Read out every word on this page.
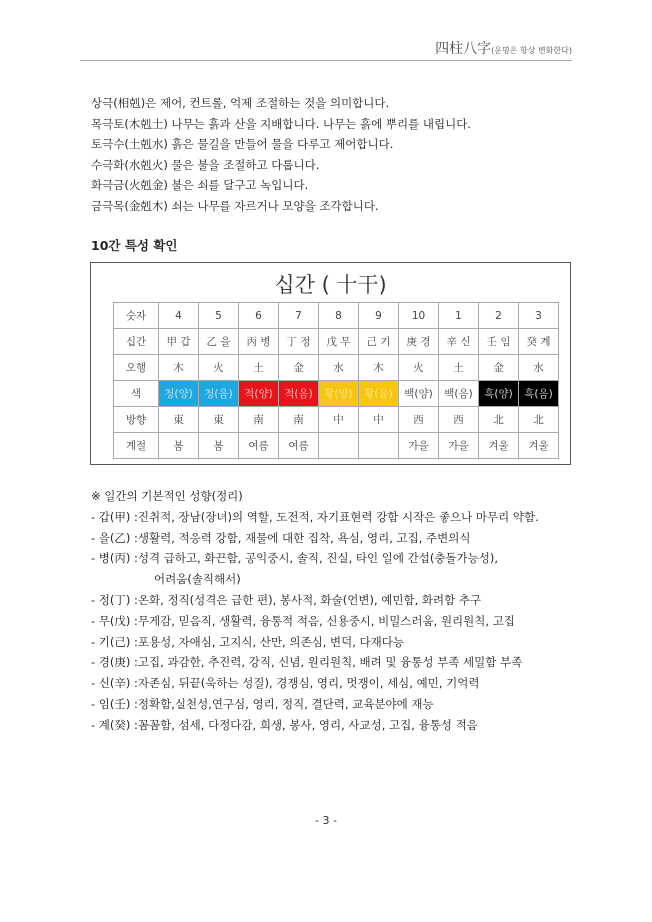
四柱八字(운명은 항상 변화한다)
상극(相剋)은 제어, 컨트롤, 억제 조절하는 것을 의미합니다.
목극토(木剋土) 나무는 흙과 산을 지배합니다. 나무는 흙에 뿌리를 내립니다.
토극수(土剋水) 흙은 물길을 만들어 물을 다루고 제어합니다.
수극화(水剋火) 물은 불을 조절하고 다룹니다.
화극금(火剋金) 불은 쇠를 달구고 녹입니다.
금극목(金剋木) 쇠는 나무를 자르거나 모양을 조각합니다.
10간 특성 확인
십간 ( 十干)
숫자	4	5	6	7	8	9	10	1	2	3
십간	甲 갑	乙 을	丙 병	丁 정	戊 무	己 기	庚 경	辛 신	壬 임	癸 계
오행	木	火	土	金	水	木	火	土	金	水
색	청(양)	청(음)	적(양)	적(음)	황(양)	황(음)	백(양)	백(음)	흑(양)	흑(음)
방향	東	東	南	南	中	中	西	西	北	北
계절	봄	봄	여름	여름			가을	가을	겨울	겨울
※ 일간의 기본적인 성향(정리)
- 갑(甲) : 진취적, 장남(장녀)의 역할, 도전적, 자기표현력 강함 시작은 좋으나 마무리 약함.
- 을(乙) : 생활력, 적응력 강함, 재물에 대한 집착, 욕심, 영리, 고집, 주변의식
- 병(丙) : 성격 급하고, 화끈함, 공익중시, 솔직, 진실, 타인 일에 간섭(충돌가능성),
어려움(솔직해서)
- 정(丁) : 온화, 정직(성격은 급한 편), 봉사적, 화술(언변), 예민함, 화려함 추구
- 무(戊) : 무게감, 믿음직, 생활력, 융통적 적음, 신용중시, 비밀스러움, 원리원칙, 고집
- 기(己) : 포용성, 자애심, 고지식, 산만, 의존심, 변덕, 다재다능
- 경(庚) : 고집, 과감한, 추진력, 강직, 신념, 원리원칙, 배려 및 융통성 부족 세밀함 부족
- 신(辛) : 자존심, 뒤끝(욱하는 성질), 경쟁심, 영리, 멋쟁이, 세심, 예민, 기억력
- 임(壬) : 정확함,실천성,연구심, 영리, 정직, 결단력, 교육분야에 재능
- 계(癸) : 꼼꼼함, 섬세, 다정다감, 희생, 봉사, 영리, 사교성, 고집, 융통성 적음
- 3 -
